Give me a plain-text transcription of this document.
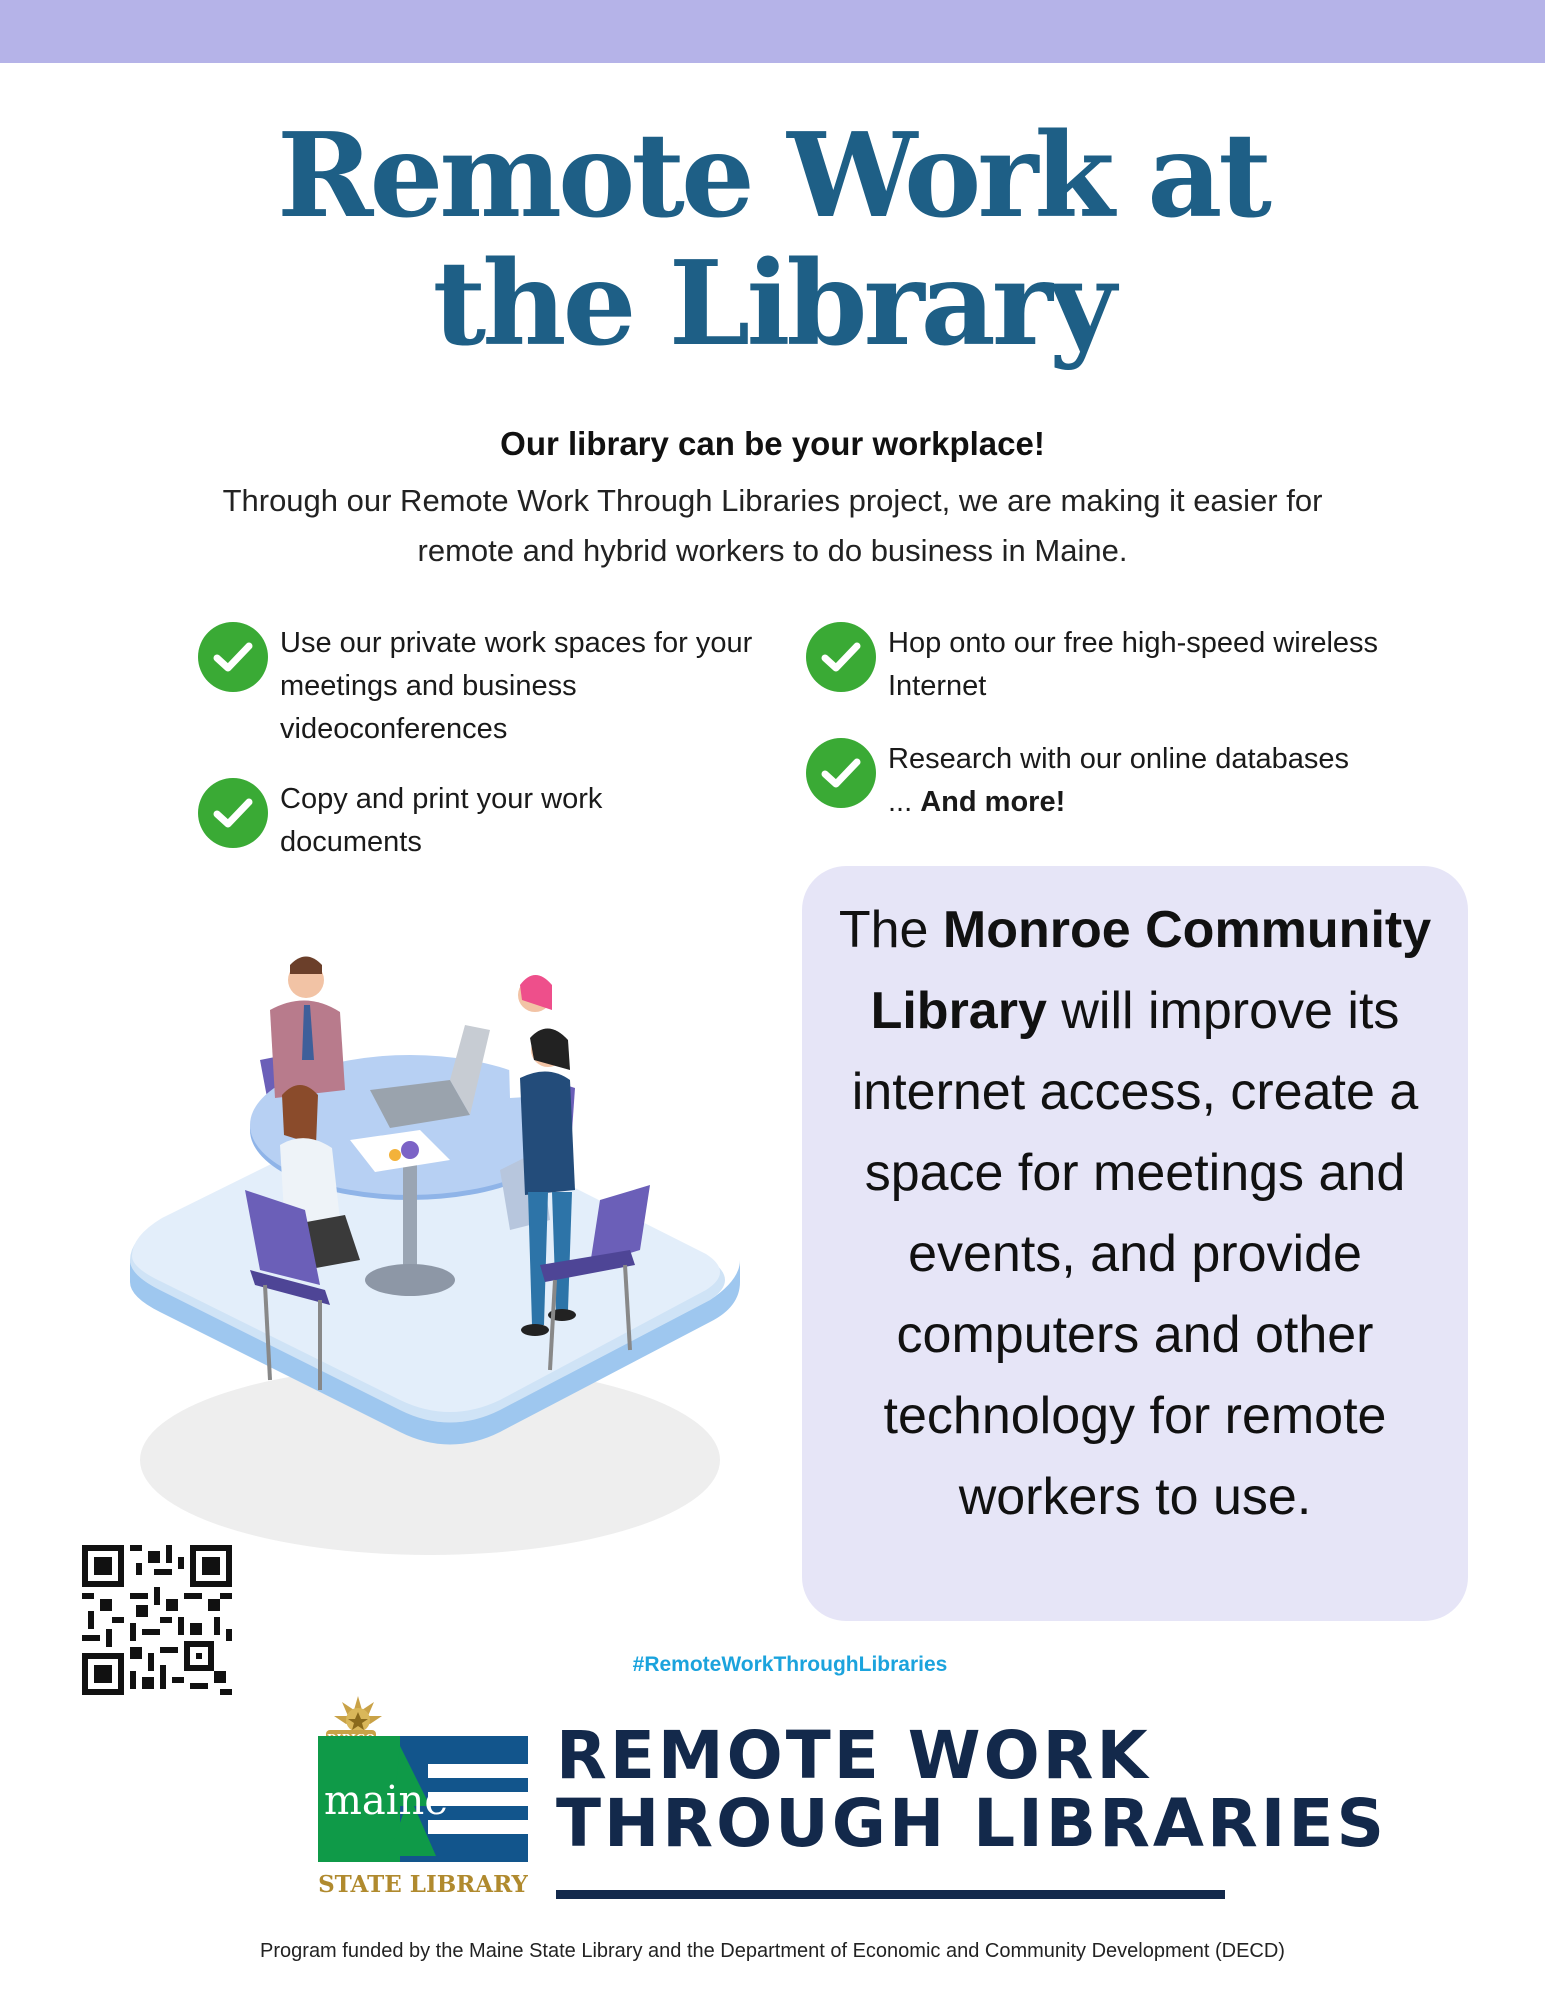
Remote Work at
the Library
Our library can be your workplace!

Through our Remote Work Through Libraries project, we are making it easier for remote and hybrid workers to do business in Maine.

Use our private work spaces for your meetings and business videoconferences
Copy and print your work documents
Hop onto our free high-speed wireless Internet
Research with our online databases
... And more!
The Monroe Community Library will improve its internet access, create a space for meetings and events, and provide computers and other technology for remote workers to use.
#RemoteWorkThroughLibraries
maine
STATE LIBRARY
REMOTE WORK
THROUGH LIBRARIES
Program funded by the Maine State Library and the Department of Economic and Community Development (DECD)
